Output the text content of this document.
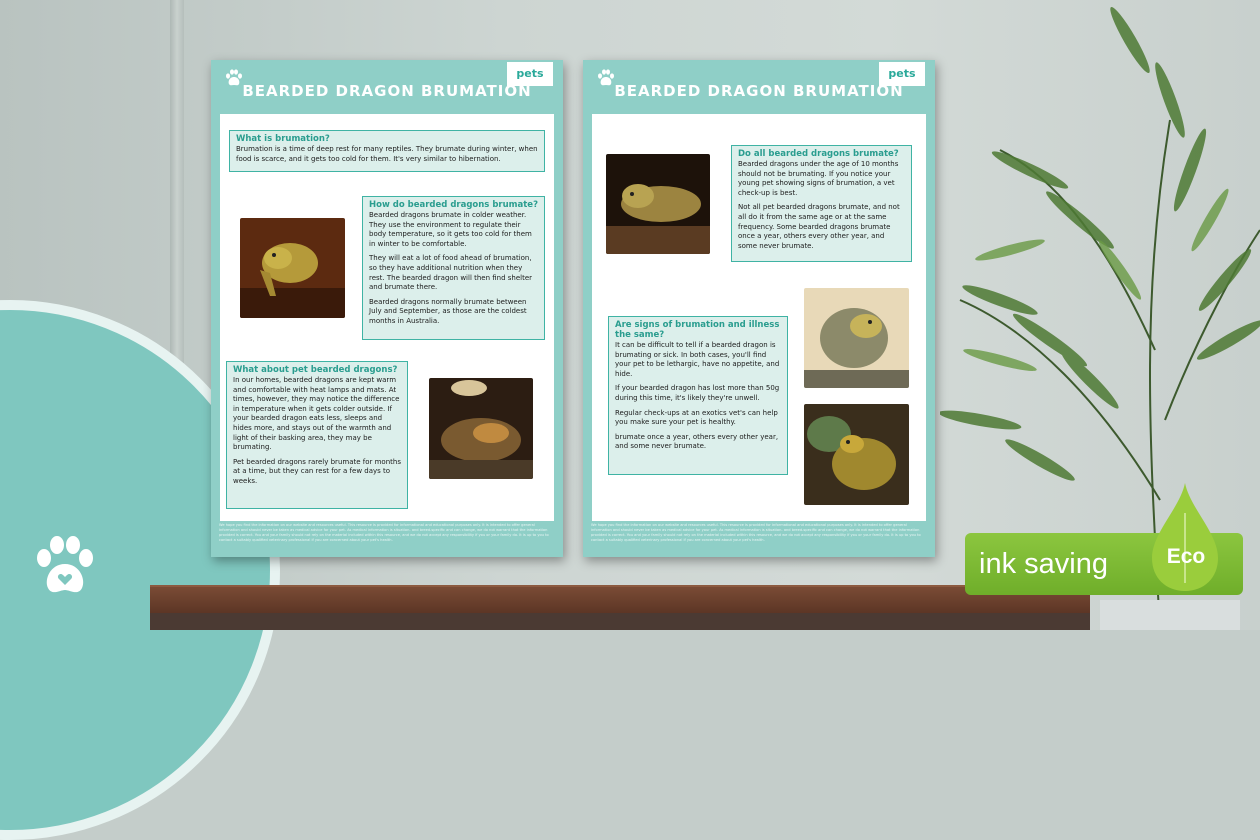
pets
BEARDED DRAGON BRUMATION
What is brumation?

Brumation is a time of deep rest for many reptiles. They brumate during winter, when food is scarce, and it gets too cold for them. It's very similar to hibernation.

How do bearded dragons brumate?

Bearded dragons brumate in colder weather. They use the environment to regulate their body temperature, so it gets too cold for them in winter to be comfortable.

They will eat a lot of food ahead of brumation, so they have additional nutrition when they rest. The bearded dragon will then find shelter and brumate there.

Bearded dragons normally brumate between July and September, as those are the coldest months in Australia.

What about pet bearded dragons?

In our homes, bearded dragons are kept warm and comfortable with heat lamps and mats. At times, however, they may notice the difference in temperature when it gets colder outside. If your bearded dragon eats less, sleeps and hides more, and stays out of the warmth and light of their basking area, they may be brumating.

Pet bearded dragons rarely brumate for months at a time, but they can rest for a few days to weeks.

We hope you find the information on our website and resources useful. This resource is provided for informational and educational purposes only. It is intended to offer general information and should never be taken as medical advice for your pet. As medical information is situation- and breed-specific and can change, we do not warrant that the information provided is correct. You and your family should not rely on the material included within this resource, and we do not accept any responsibility if you or your family do. It is up to you to contact a suitably qualified veterinary professional if you are concerned about your pet's health.
pets
BEARDED DRAGON BRUMATION
Do all bearded dragons brumate?

Bearded dragons under the age of 10 months should not be brumating. If you notice your young pet showing signs of brumation, a vet check-up is best.

Not all pet bearded dragons brumate, and not all do it from the same age or at the same frequency. Some bearded dragons brumate once a year, others every other year, and some never brumate.

Are signs of brumation and illness the same?

It can be difficult to tell if a bearded dragon is brumating or sick. In both cases, you'll find your pet to be lethargic, have no appetite, and hide.

If your bearded dragon has lost more than 50g during this time, it's likely they're unwell.

Regular check-ups at an exotics vet's can help you make sure your pet is healthy.

brumate once a year, others every other year, and some never brumate.

We hope you find the information on our website and resources useful. This resource is provided for informational and educational purposes only. It is intended to offer general information and should never be taken as medical advice for your pet. As medical information is situation- and breed-specific and can change, we do not warrant that the information provided is correct. You and your family should not rely on the material included within this resource, and we do not accept any responsibility if you or your family do. It is up to you to contact a suitably qualified veterinary professional if you are concerned about your pet's health.
ink saving	Eco
